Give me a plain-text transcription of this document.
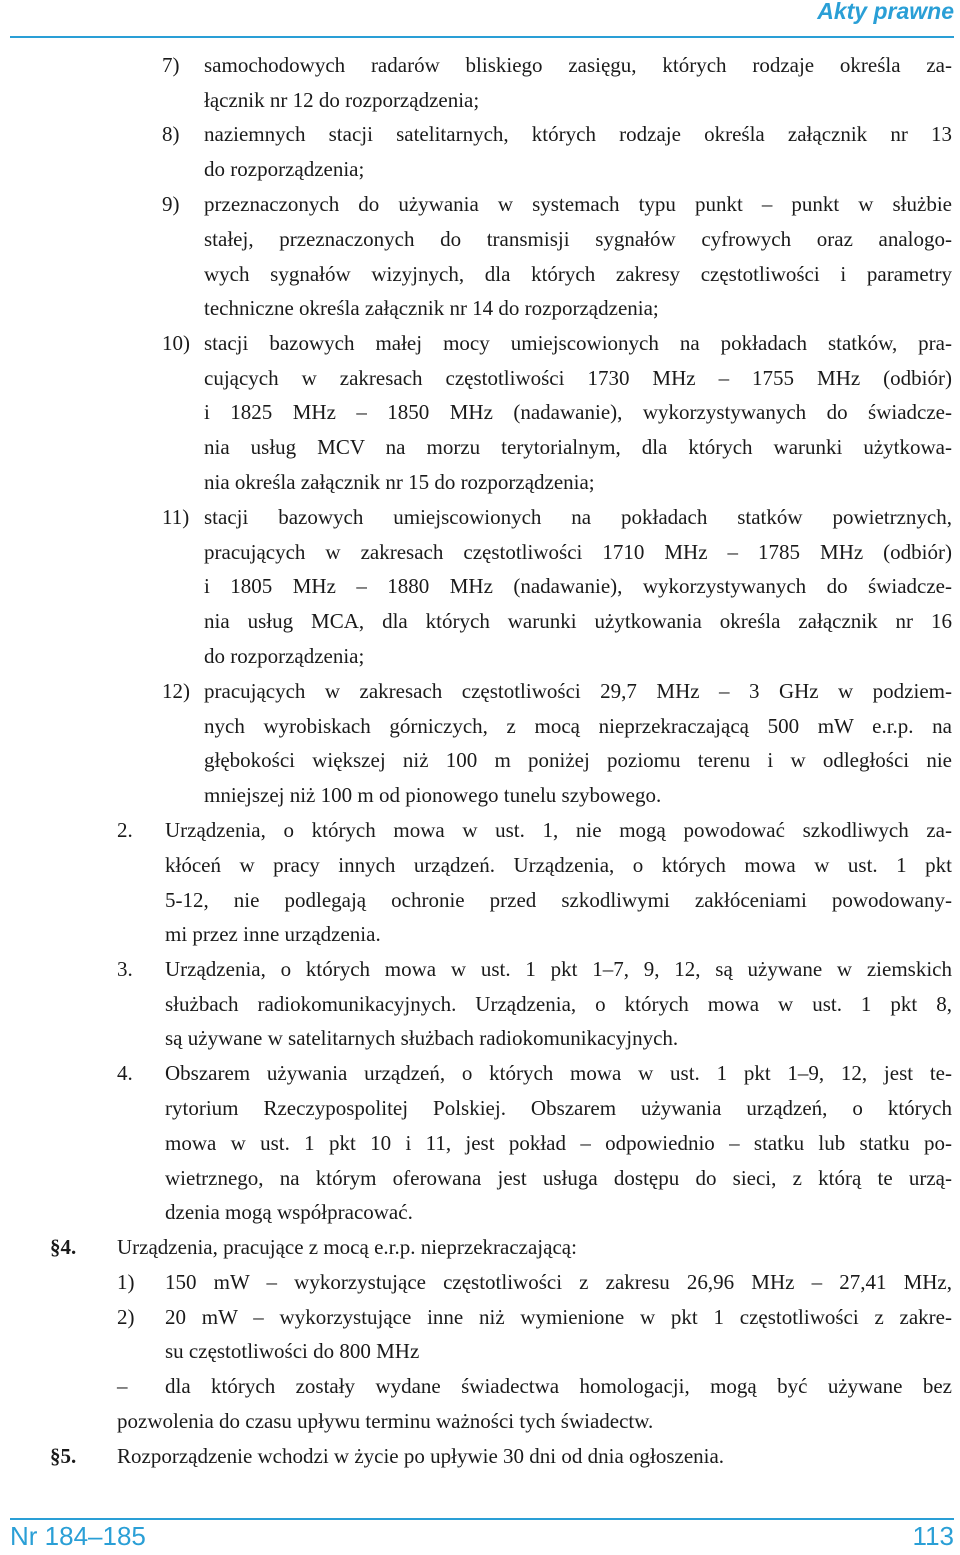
Akty prawne
7) samochodowych radarów bliskiego zasięgu, których rodzaje określa za-
łącznik nr 12 do rozporządzenia;
8) naziemnych stacji satelitarnych, których rodzaje określa załącznik nr 13
do rozporządzenia;
9) przeznaczonych do używania w systemach typu punkt – punkt w służbie
stałej, przeznaczonych do transmisji sygnałów cyfrowych oraz analogo-
wych sygnałów wizyjnych, dla których zakresy częstotliwości i parametry
techniczne określa załącznik nr 14 do rozporządzenia;
10) stacji bazowych małej mocy umiejscowionych na pokładach statków, pra-
cujących w zakresach częstotliwości 1730 MHz – 1755 MHz (odbiór)
i 1825 MHz – 1850 MHz (nadawanie), wykorzystywanych do świadcze-
nia usług MCV na morzu terytorialnym, dla których warunki użytkowa-
nia określa załącznik nr 15 do rozporządzenia;
11) stacji bazowych umiejscowionych na pokładach statków powietrznych,
pracujących w zakresach częstotliwości 1710 MHz – 1785 MHz (odbiór)
i 1805 MHz – 1880 MHz (nadawanie), wykorzystywanych do świadcze-
nia usług MCA, dla których warunki użytkowania określa załącznik nr 16
do rozporządzenia;
12) pracujących w zakresach częstotliwości 29,7 MHz – 3 GHz w podziem-
nych wyrobiskach górniczych, z mocą nieprzekraczającą 500 mW e.r.p. na
głębokości większej niż 100 m poniżej poziomu terenu i w odległości nie
mniejszej niż 100 m od pionowego tunelu szybowego.
2. Urządzenia, o których mowa w ust. 1, nie mogą powodować szkodliwych za-
kłóceń w pracy innych urządzeń. Urządzenia, o których mowa w ust. 1 pkt
5-12, nie podlegają ochronie przed szkodliwymi zakłóceniami powodowany-
mi przez inne urządzenia.
3. Urządzenia, o których mowa w ust. 1 pkt 1–7, 9, 12, są używane w ziemskich
służbach radiokomunikacyjnych. Urządzenia, o których mowa w ust. 1 pkt 8,
są używane w satelitarnych służbach radiokomunikacyjnych.
4. Obszarem używania urządzeń, o których mowa w ust. 1 pkt 1–9, 12, jest te-
rytorium Rzeczypospolitej Polskiej. Obszarem używania urządzeń, o których
mowa w ust. 1 pkt 10 i 11, jest pokład – odpowiednio – statku lub statku po-
wietrznego, na którym oferowana jest usługa dostępu do sieci, z którą te urzą-
dzenia mogą współpracować.
§4. Urządzenia, pracujące z mocą e.r.p. nieprzekraczającą:
1) 150 mW – wykorzystujące częstotliwości z zakresu 26,96 MHz – 27,41 MHz,
2) 20 mW – wykorzystujące inne niż wymienione w pkt 1 częstotliwości z zakre-
su częstotliwości do 800 MHz
– dla których zostały wydane świadectwa homologacji, mogą być używane bez
pozwolenia do czasu upływu terminu ważności tych świadectw.
§5. Rozporządzenie wchodzi w życie po upływie 30 dni od dnia ogłoszenia.
Nr 184–185	113
